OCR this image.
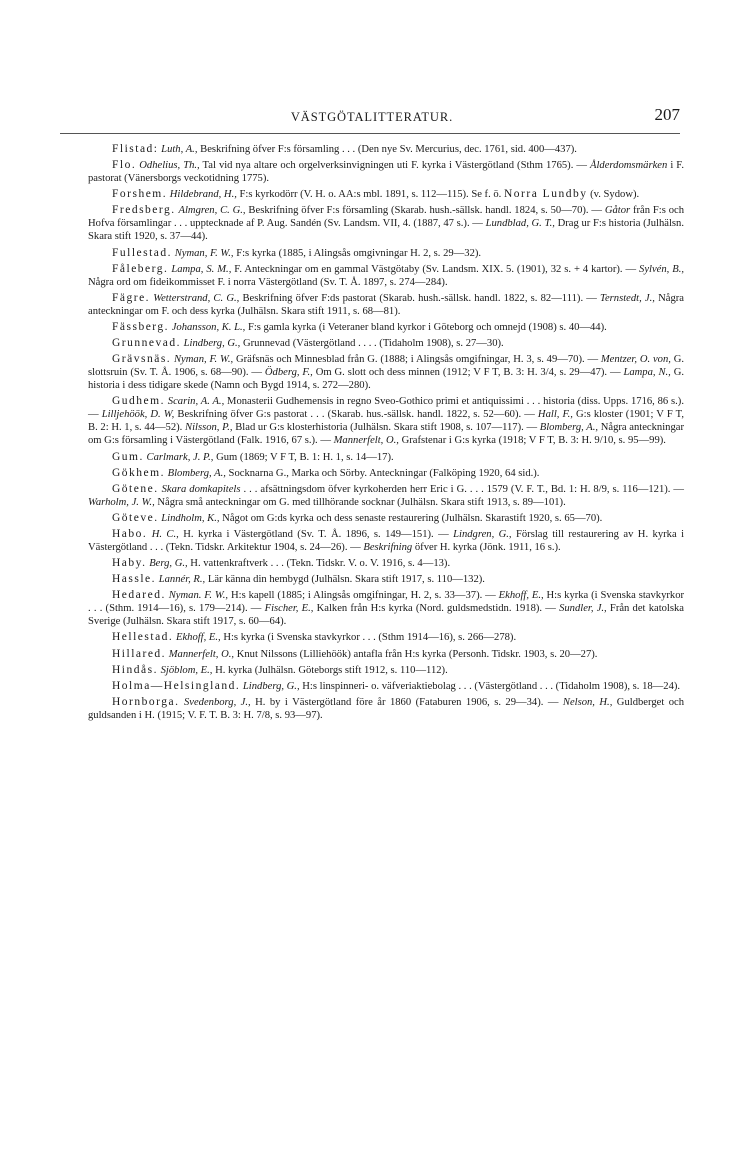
VÄSTGÖTALITTERATUR.	207

Flistad: Luth, A., Beskrifning öfver F:s församling . . . (Den nye Sv. Mercurius, dec. 1761, sid. 400—437).

Flo. Odhelius, Th., Tal vid nya altare och orgelverksinvigningen uti F. kyrka i Västergötland (Sthm 1765). — Ålderdomsmärken i F. pastorat (Vänersborgs veckotidning 1775).

Forshem. Hildebrand, H., F:s kyrkodörr (V. H. o. AA:s mbl. 1891, s. 112—115). Se f. ö. Norra Lundby (v. Sydow).

Fredsberg. Almgren, C. G., Beskrifning öfver F:s församling (Skarab. hush.-sällsk. handl. 1824, s. 50—70). — Gåtor från F:s och Hofva församlingar . . . upptecknade af P. Aug. Sandén (Sv. Landsm. VII, 4. (1887, 47 s.). — Lundblad, G. T., Drag ur F:s historia (Julhälsn. Skara stift 1920, s. 37—44).

Fullestad. Nyman, F. W., F:s kyrka (1885, i Alingsås omgivningar H. 2, s. 29—32).

Fåleberg. Lampa, S. M., F. Anteckningar om en gammal Västgötaby (Sv. Landsm. XIX. 5. (1901), 32 s. + 4 kartor). — Sylvén, B., Några ord om fideikommisset F. i norra Västergötland (Sv. T. Å. 1897, s. 274—284).

Fägre. Wetterstrand, C. G., Beskrifning öfver F:ds pastorat (Skarab. hush.-sällsk. handl. 1822, s. 82—111). — Ternstedt, J., Några anteckningar om F. och dess kyrka (Julhälsn. Skara stift 1911, s. 68—81).

Fässberg. Johansson, K. L., F:s gamla kyrka (i Veteraner bland kyrkor i Göteborg och omnejd (1908) s. 40—44).

Grunnevad. Lindberg, G., Grunnevad (Västergötland . . . . (Tidaholm 1908), s. 27—30).

Grävsnäs. Nyman, F. W., Gräfsnäs och Minnesblad från G. (1888; i Alingsås omgifningar, H. 3, s. 49—70). — Mentzer, O. von, G. slottsruin (Sv. T. Å. 1906, s. 68—90). — Ödberg, F., Om G. slott och dess minnen (1912; V F T, B. 3: H. 3/4, s. 29—47). — Lampa, N., G. historia i dess tidigare skede (Namn och Bygd 1914, s. 272—280).

Gudhem. Scarin, A. A., Monasterii Gudhemensis in regno Sveo-Gothico primi et antiquissimi . . . historia (diss. Upps. 1716, 86 s.). — Lilljehöök, D. W, Beskrifning öfver G:s pastorat . . . (Skarab. hus.-sällsk. handl. 1822, s. 52—60). — Hall, F., G:s kloster (1901; V F T, B. 2: H. 1, s. 44—52). Nilsson, P., Blad ur G:s klosterhistoria (Julhälsn. Skara stift 1908, s. 107—117). — Blomberg, A., Några anteckningar om G:s församling i Västergötland (Falk. 1916, 67 s.). — Mannerfelt, O., Grafstenar i G:s kyrka (1918; V F T, B. 3: H. 9/10, s. 95—99).

Gum. Carlmark, J. P., Gum (1869; V F T, B. 1: H. 1, s. 14—17).

Gökhem. Blomberg, A., Socknarna G., Marka och Sörby. Anteckningar (Falköping 1920, 64 sid.).

Götene. Skara domkapitels . . . afsättningsdom öfver kyrkoherden herr Eric i G. . . . 1579 (V. F. T., Bd. 1: H. 8/9, s. 116—121). — Warholm, J. W., Några små anteckningar om G. med tillhörande socknar (Julhälsn. Skara stift 1913, s. 89—101).

Göteve. Lindholm, K., Något om G:ds kyrka och dess senaste restaurering (Julhälsn. Skarastift 1920, s. 65—70).

Habo. H. C., H. kyrka i Västergötland (Sv. T. Å. 1896, s. 149—151). — Lindgren, G., Förslag till restaurering av H. kyrka i Västergötland . . . (Tekn. Tidskr. Arkitektur 1904, s. 24—26). — Beskrifning öfver H. kyrka (Jönk. 1911, 16 s.).

Haby. Berg, G., H. vattenkraftverk . . . (Tekn. Tidskr. V. o. V. 1916, s. 4—13).

Hassle. Lannér, R., Lär känna din hembygd (Julhälsn. Skara stift 1917, s. 110—132).

Hedared. Nyman. F. W., H:s kapell (1885; i Alingsås omgifningar, H. 2, s. 33—37). — Ekhoff, E., H:s kyrka (i Svenska stavkyrkor . . . (Sthm. 1914—16), s. 179—214). — Fischer, E., Kalken från H:s kyrka (Nord. guldsmedstidn. 1918). — Sundler, J., Från det katolska Sverige (Julhälsn. Skara stift 1917, s. 60—64).

Hellestad. Ekhoff, E., H:s kyrka (i Svenska stavkyrkor . . . (Sthm 1914—16), s. 266—278).

Hillared. Mannerfelt, O., Knut Nilssons (Lilliehöök) antafla från H:s kyrka (Personh. Tidskr. 1903, s. 20—27).

Hindås. Sjöblom, E., H. kyrka (Julhälsn. Göteborgs stift 1912, s. 110—112).

Holma—Helsingland. Lindberg, G., H:s linspinneri- o. väfveriaktiebolag . . . (Västergötland . . . (Tidaholm 1908), s. 18—24).

Hornborga. Svedenborg, J., H. by i Västergötland före år 1860 (Fataburen 1906, s. 29—34). — Nelson, H., Guldberget och guldsanden i H. (1915; V. F. T. B. 3: H. 7/8, s. 93—97).
